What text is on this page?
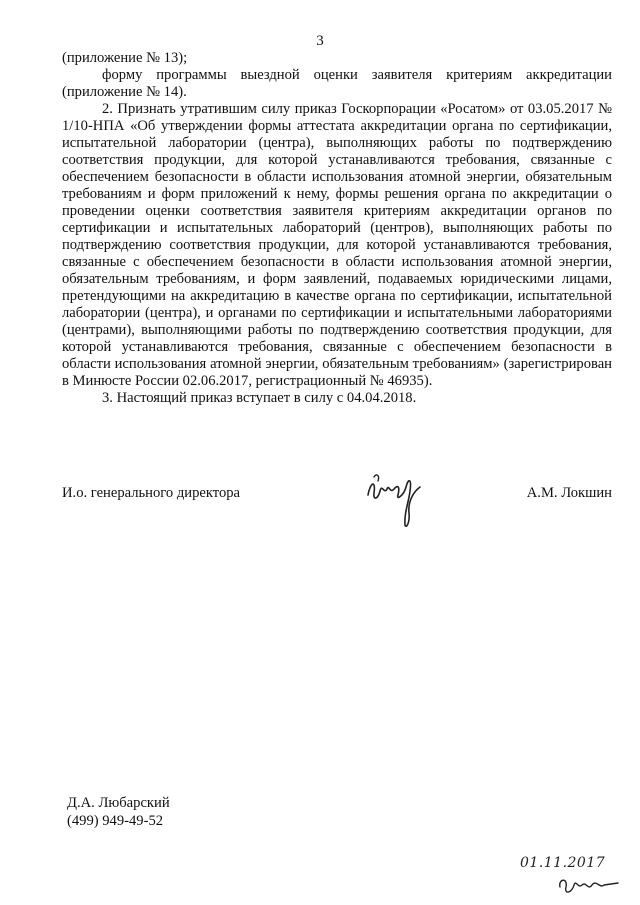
3

(приложение № 13);

форму программы выездной оценки заявителя критериям аккредитации (приложение № 14).

2. Признать утратившим силу приказ Госкорпорации «Росатом» от 03.05.2017 № 1/10-НПА «Об утверждении формы аттестата аккредитации органа по сертификации, испытательной лаборатории (центра), выполняющих работы по подтверждению соответствия продукции, для которой устанавливаются требования, связанные с обеспечением безопасности в области использования атомной энергии, обязательным требованиям и форм приложений к нему, формы решения органа по аккредитации о проведении оценки соответствия заявителя критериям аккредитации органов по сертификации и испытательных лабораторий (центров), выполняющих работы по подтверждению соответствия продукции, для которой устанавливаются требования, связанные с обеспечением безопасности в области использования атомной энергии, обязательным требованиям, и форм заявлений, подаваемых юридическими лицами, претендующими на аккредитацию в качестве органа по сертификации, испытательной лаборатории (центра), и органами по сертификации и испытательными лабораториями (центрами), выполняющими работы по подтверждению соответствия продукции, для которой устанавливаются требования, связанные с обеспечением безопасности в области использования атомной энергии, обязательным требованиям» (зарегистрирован в Минюсте России 02.06.2017, регистрационный № 46935).

3. Настоящий приказ вступает в силу с 04.04.2018.

И.о. генерального директора	А.М. Локшин
Д.А. Любарский
(499) 949-49-52
01.11.2017
